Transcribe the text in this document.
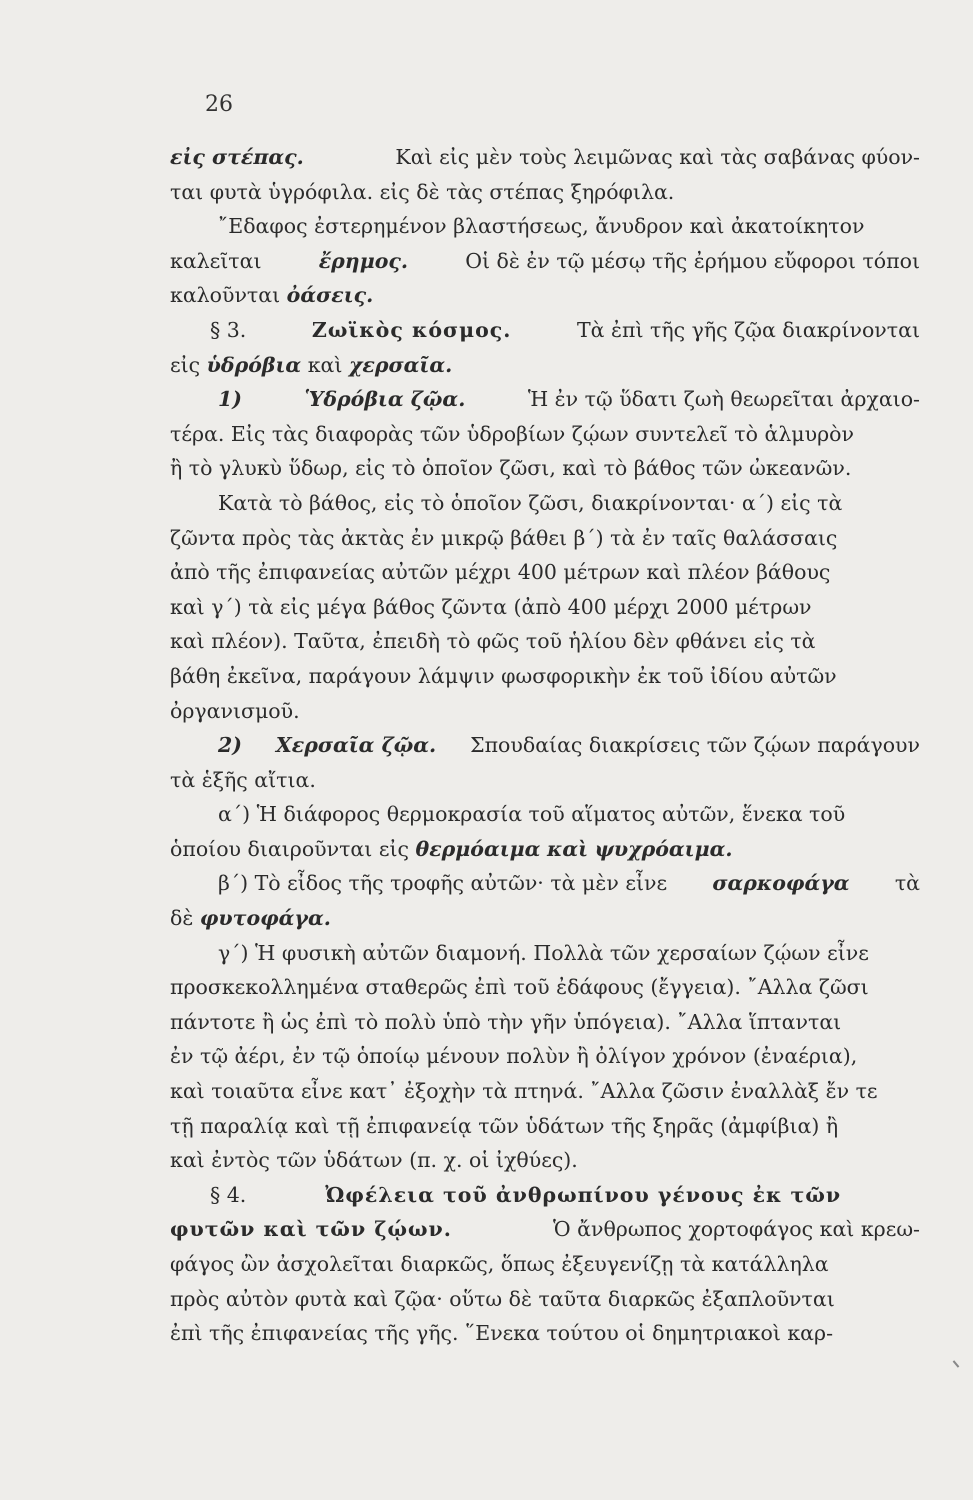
26
εἰς στέπας.	Καὶ εἰς μὲν τοὺς λειμῶνας καὶ τὰς σαβάνας φύον-
ται φυτὰ ὑγρόφιλα. εἰς δὲ τὰς στέπας ξηρόφιλα.
῎Εδαφος ἐστερημένον βλαστήσεως, ἄνυδρον καὶ ἀκατοίκητον
καλεῖται	ἔρημος.	Οἱ δὲ ἐν τῷ μέσῳ τῆς ἐρήμου εὔφοροι τόποι
καλοῦνται
ὀάσεις.
§ 3.	Ζωϊκὸς κόσμος.	Τὰ ἐπὶ τῆς γῆς ζῷα διακρίνονται
εἰς
ὑδρόβια
καὶ
χερσαῖα.
1)	Ὑδρόβια ζῷα.	Ἡ ἐν τῷ ὕδατι ζωὴ θεωρεῖται ἀρχαιο-
τέρα. Εἰς τὰς διαφορὰς τῶν ὑδροβίων ζῴων συντελεῖ τὸ ἁλμυρὸν
ἢ τὸ γλυκὺ ὕδωρ, εἰς τὸ ὁποῖον ζῶσι, καὶ τὸ βάθος τῶν ὠκεανῶν.
Κατὰ τὸ βάθος, εἰς τὸ ὁποῖον ζῶσι, διακρίνονται· α΄) εἰς τὰ
ζῶντα πρὸς τὰς ἀκτὰς ἐν μικρῷ βάθει β΄) τὰ ἐν ταῖς θαλάσσαις
ἀπὸ τῆς ἐπιφανείας αὐτῶν μέχρι 400 μέτρων καὶ πλέον βάθους
καὶ γ΄) τὰ εἰς μέγα βάθος ζῶντα (ἀπὸ 400 μέρχι 2000 μέτρων
καὶ πλέον). Ταῦτα, ἐπειδὴ τὸ φῶς τοῦ ἡλίου δὲν φθάνει εἰς τὰ
βάθη ἐκεῖνα, παράγουν λάμψιν φωσφορικὴν ἐκ τοῦ ἰδίου αὐτῶν
ὀργανισμοῦ.
2) Χερσαῖα ζῷα. Σπουδαίας διακρίσεις τῶν ζῴων παράγουν
τὰ ἑξῆς αἴτια.
α΄) Ἡ διάφορος θερμοκρασία τοῦ αἵματος αὐτῶν, ἕνεκα τοῦ
ὁποίου διαιροῦνται εἰς
θερμόαιμα
καὶ
ψυχρόαιμα.
β΄) Τὸ εἶδος τῆς τροφῆς αὐτῶν· τὰ μὲν εἶνε σαρκοφάγα τὰ
δὲ
φυτοφάγα.
γ΄) Ἡ φυσικὴ αὐτῶν διαμονή. Πολλὰ τῶν χερσαίων ζῴων εἶνε
προσκεκολλημένα σταθερῶς ἐπὶ τοῦ ἐδάφους (ἔγγεια). ῎Αλλα ζῶσι
πάντοτε ἢ ὡς ἐπὶ τὸ πολὺ ὑπὸ τὴν γῆν ὑπόγεια). ῎Αλλα ἵπτανται
ἐν τῷ ἀέρι, ἐν τῷ ὁποίῳ μένουν πολὺν ἢ ὀλίγον χρόνον (ἐναέρια),
καὶ τοιαῦτα εἶνε κατ᾽ ἐξοχὴν τὰ πτηνά. ῎Αλλα ζῶσιν ἐναλλὰξ ἔν τε
τῇ παραλίᾳ καὶ τῇ ἐπιφανείᾳ τῶν ὑδάτων τῆς ξηρᾶς (ἀμφίβια) ἢ
καὶ ἐντὸς τῶν ὑδάτων (π. χ. οἱ ἰχθύες).
§ 4.	Ὠφέλεια τοῦ ἀνθρωπίνου γένους ἐκ τῶν
φυτῶν καὶ τῶν ζῴων.	Ὁ ἄνθρωπος χορτοφάγος καὶ κρεω-
φάγος ὢν ἀσχολεῖται διαρκῶς, ὅπως ἐξευγενίζῃ τὰ κατάλληλα
πρὸς αὐτὸν φυτὰ καὶ ζῷα· οὕτω δὲ ταῦτα διαρκῶς ἐξαπλοῦνται
ἐπὶ τῆς ἐπιφανείας τῆς γῆς. ῞Ενεκα τούτου οἱ δημητριακοὶ καρ-
